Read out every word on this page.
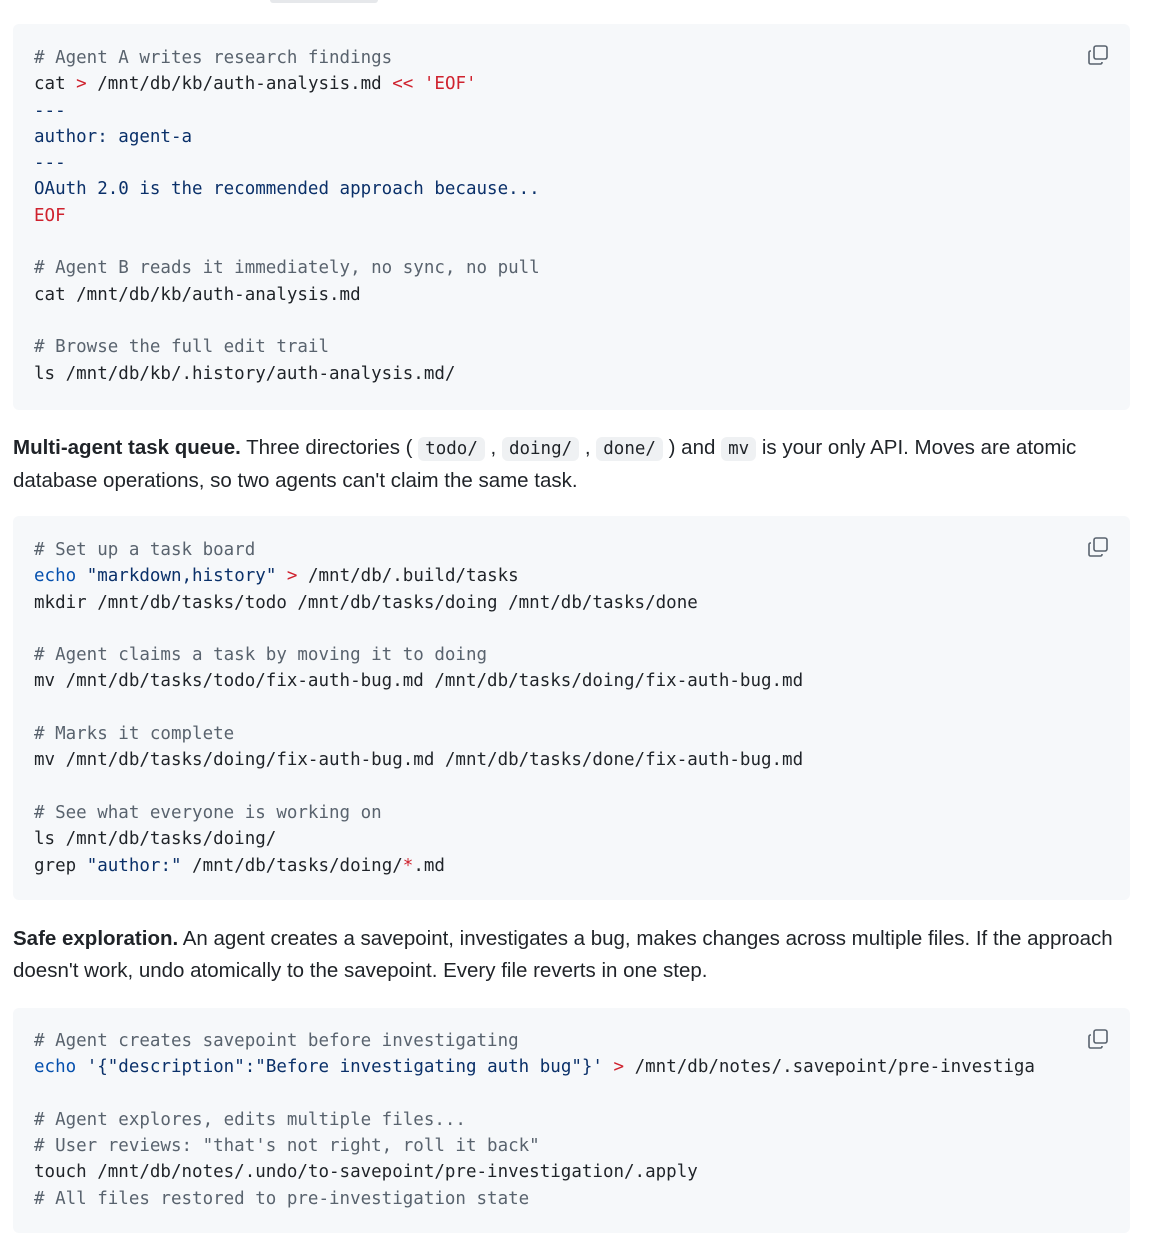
# Agent A writes research findings
cat > /mnt/db/kb/auth-analysis.md << 'EOF'
---
author: agent-a
---
OAuth 2.0 is the recommended approach because...
EOF
# Agent B reads it immediately, no sync, no pull
cat /mnt/db/kb/auth-analysis.md
# Browse the full edit trail
ls /mnt/db/kb/.history/auth-analysis.md/
Multi-agent task queue. Three directories ( todo/ , doing/ , done/ ) and mv is your only API. Moves are atomic database operations, so two agents can't claim the same task.
# Set up a task board
echo "markdown,history" > /mnt/db/.build/tasks
mkdir /mnt/db/tasks/todo /mnt/db/tasks/doing /mnt/db/tasks/done
# Agent claims a task by moving it to doing
mv /mnt/db/tasks/todo/fix-auth-bug.md /mnt/db/tasks/doing/fix-auth-bug.md
# Marks it complete
mv /mnt/db/tasks/doing/fix-auth-bug.md /mnt/db/tasks/done/fix-auth-bug.md
# See what everyone is working on
ls /mnt/db/tasks/doing/
grep "author:" /mnt/db/tasks/doing/*.md
Safe exploration. An agent creates a savepoint, investigates a bug, makes changes across multiple files. If the approach doesn't work, undo atomically to the savepoint. Every file reverts in one step.
# Agent creates savepoint before investigating
echo '{"description":"Before investigating auth bug"}' > /mnt/db/notes/.savepoint/pre-investiga
# Agent explores, edits multiple files...
# User reviews: "that's not right, roll it back"
touch /mnt/db/notes/.undo/to-savepoint/pre-investigation/.apply
# All files restored to pre-investigation state
